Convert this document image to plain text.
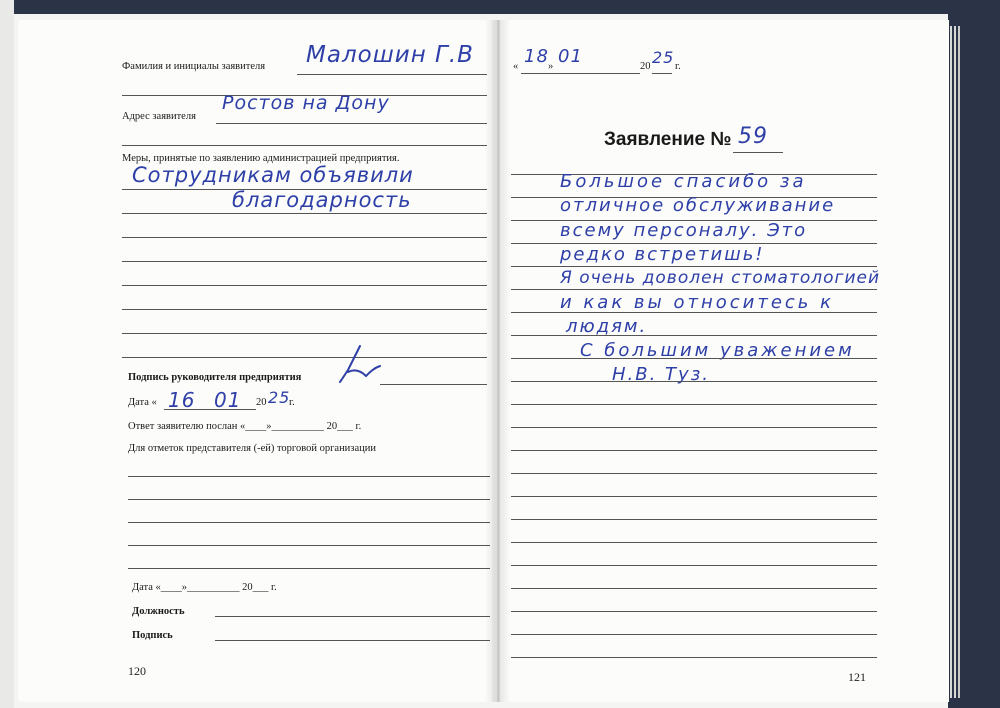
Фамилия и инициалы заявителя Малошин Г.В
Адрес заявителя
Ростов на Дону
Меры, принятые по заявлению администрацией предприятия.
Сотрудникам объявили
благодарность
Подпись руководителя предприятия
Дата « 16 01 20 25
г.
Ответ заявителю послан «____»__________ 20___ г.
Для отметок представителя (-ей) торговой организации
Дата «____»__________ 20___ г.
Должность
Подпись
120
« 18 » 01	20 25 г.
Заявление № 59
Большое спасибо за
отличное обслуживание
всему персоналу. Это
редко встретишь!
Я очень доволен стоматологией
и как вы относитесь к
людям.
С большим уважением
Н.В. Туз.
121
